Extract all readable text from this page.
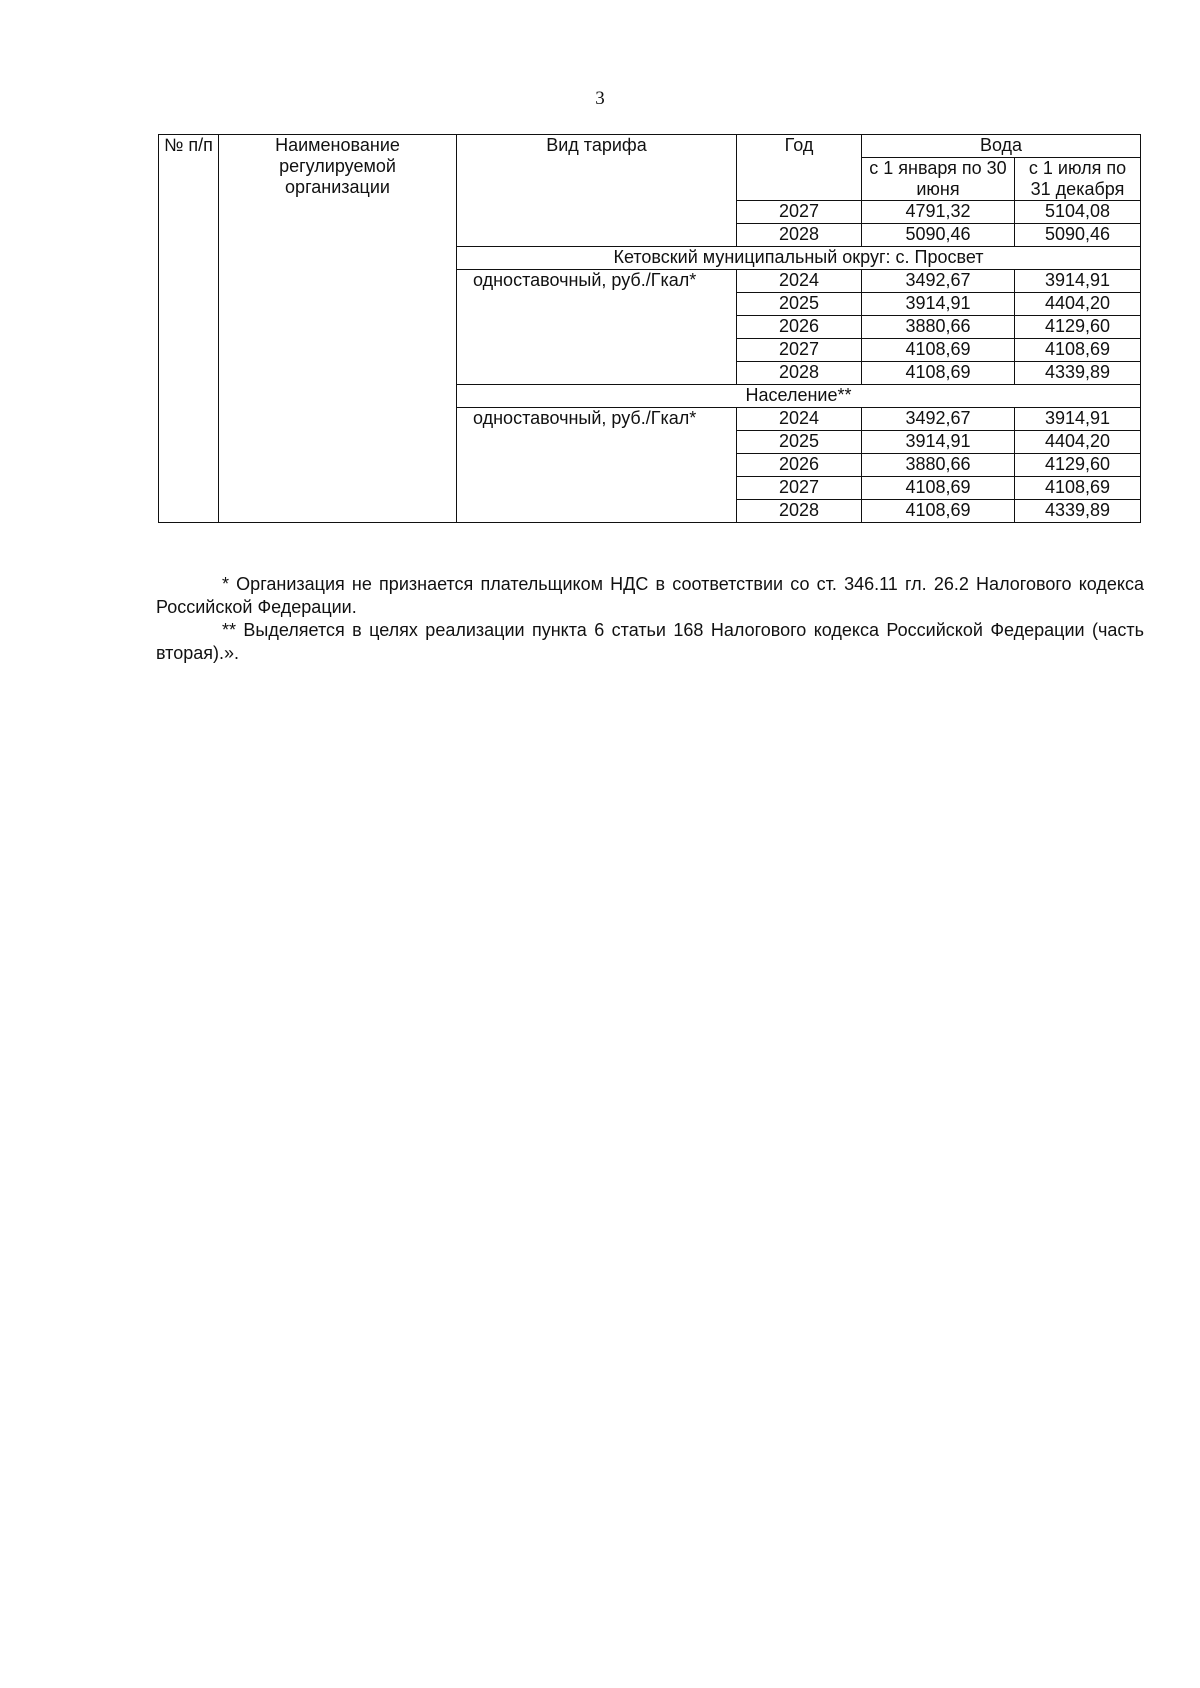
3
№ п/п	Наименование регулируемой организации	Вид тарифа	Год	Вода	
				с 1 января по 30 июня	с 1 июля по 31 декабря
			2027	4791,32	5104,08
			2028	5090,46	5090,46
		Кетовский муниципальный округ: с. Просвет			
		одноставочный, руб./Гкал*	2024	3492,67	3914,91
			2025	3914,91	4404,20
			2026	3880,66	4129,60
			2027	4108,69	4108,69
			2028	4108,69	4339,89
		Население**			
		одноставочный, руб./Гкал*	2024	3492,67	3914,91
			2025	3914,91	4404,20
			2026	3880,66	4129,60
			2027	4108,69	4108,69
			2028	4108,69	4339,89

* Организация не признается плательщиком НДС в соответствии со ст. 346.11 гл. 26.2 Налогового кодекса Российской Федерации.

** Выделяется в целях реализации пункта 6 статьи 168 Налогового кодекса Российской Федерации (часть вторая).».
